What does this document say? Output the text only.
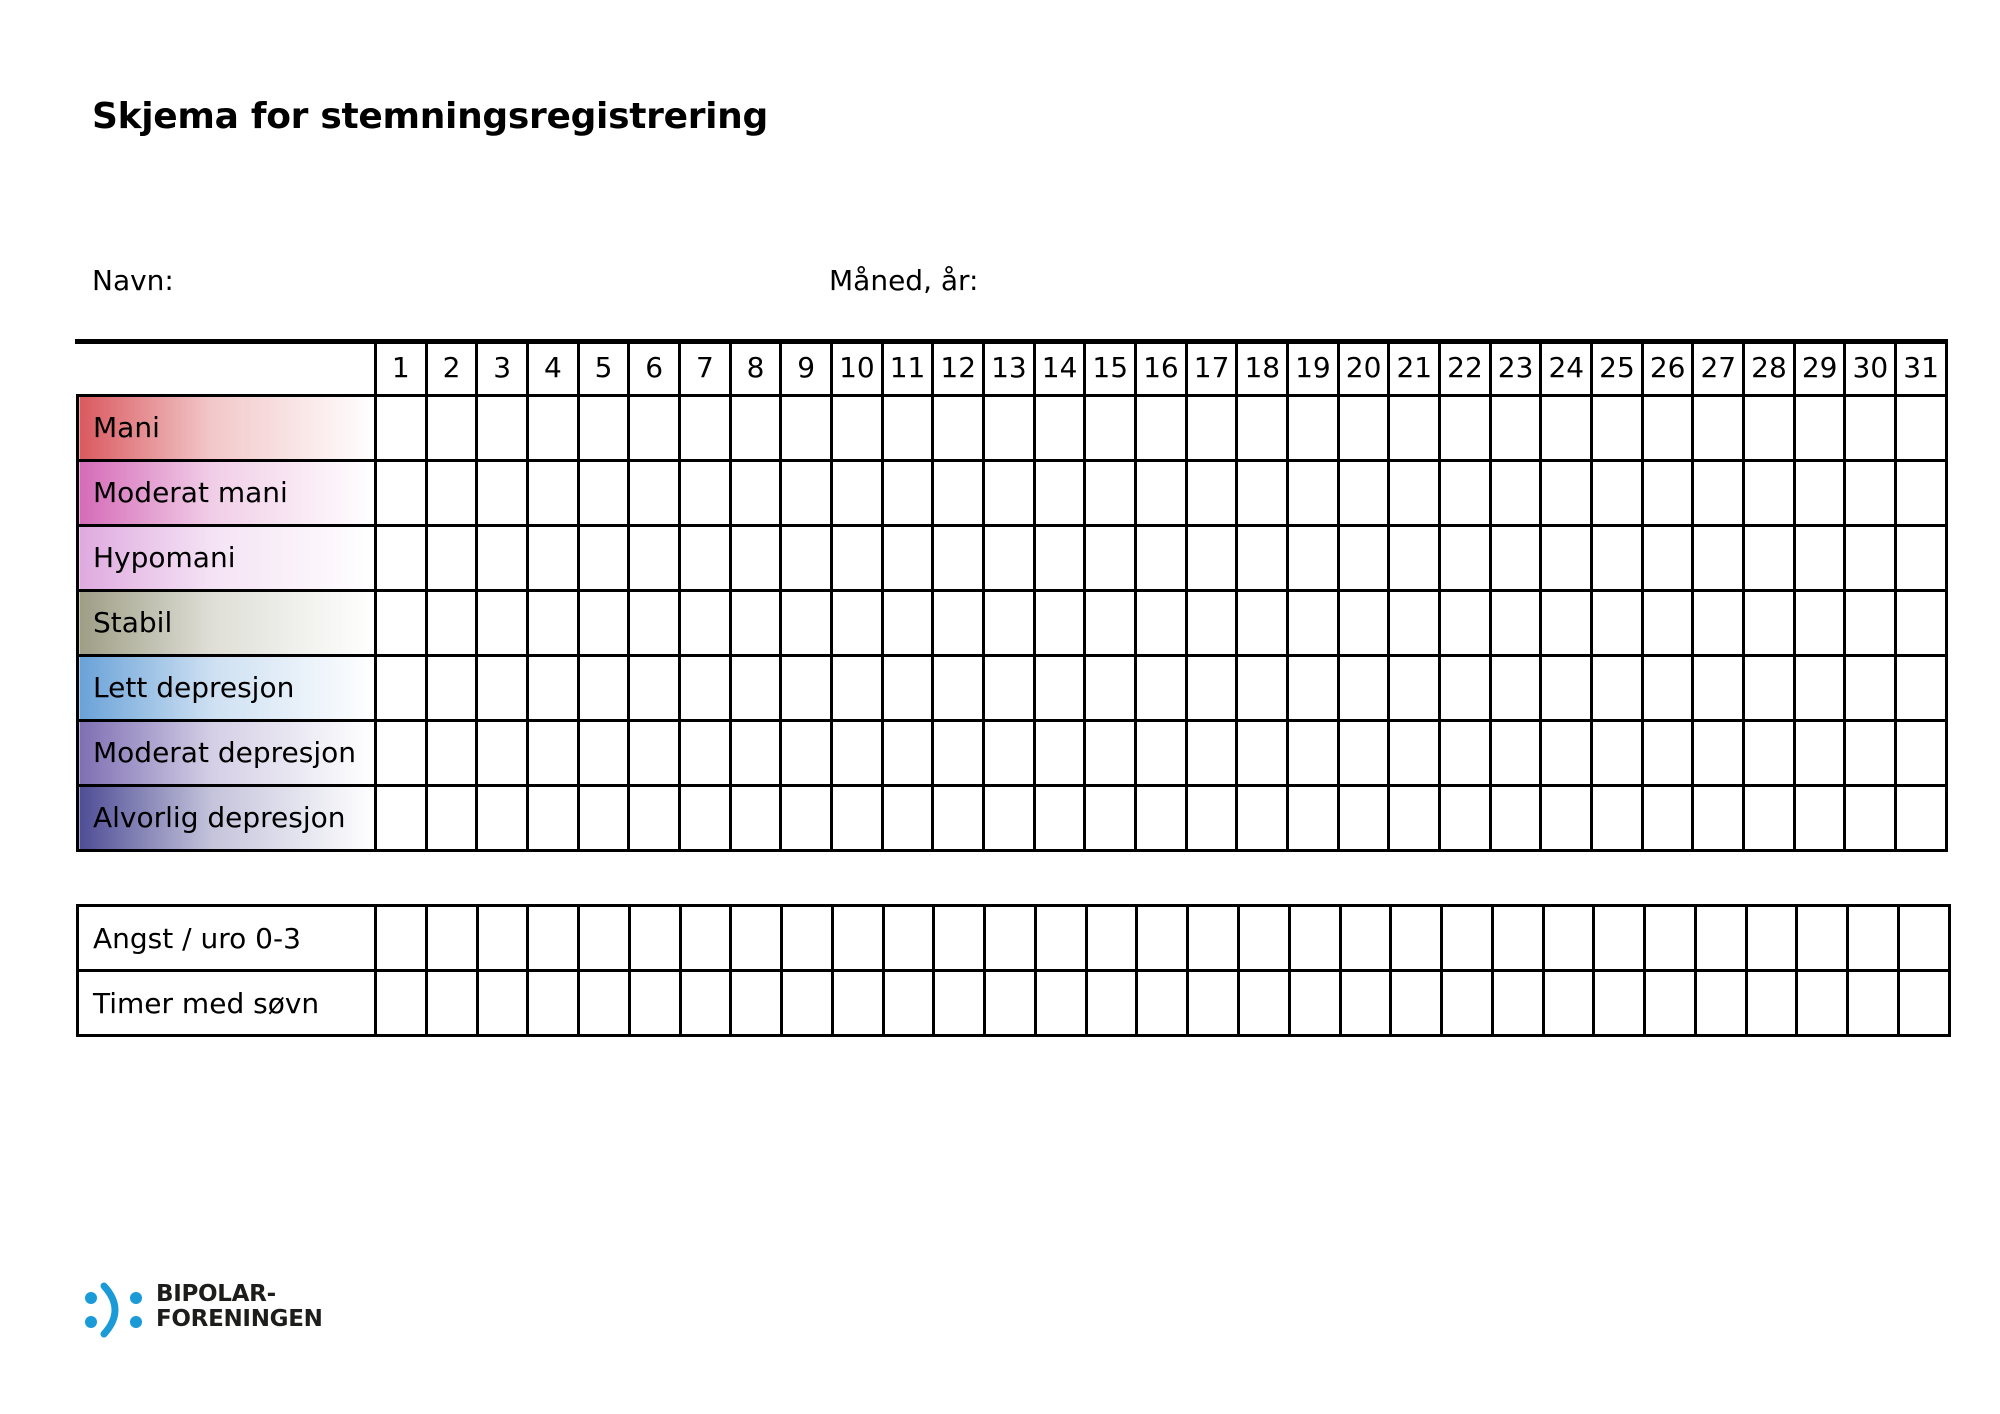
Skjema for stemningsregistrering
Navn:	Måned, år:
	1	2	3	4	5	6	7	8	9	10	11	12	13	14	15	16	17	18	19	20	21	22	23	24	25	26	27	28	29	30	31
Mani																															
Moderat mani																															
Hypomani																															
Stabil																															
Lett depresjon																															
Moderat depresjon																															
Alvorlig depresjon																															
Angst / uro 0-3																															
Timer med søvn																															
BIPOLAR-
FORENINGEN
